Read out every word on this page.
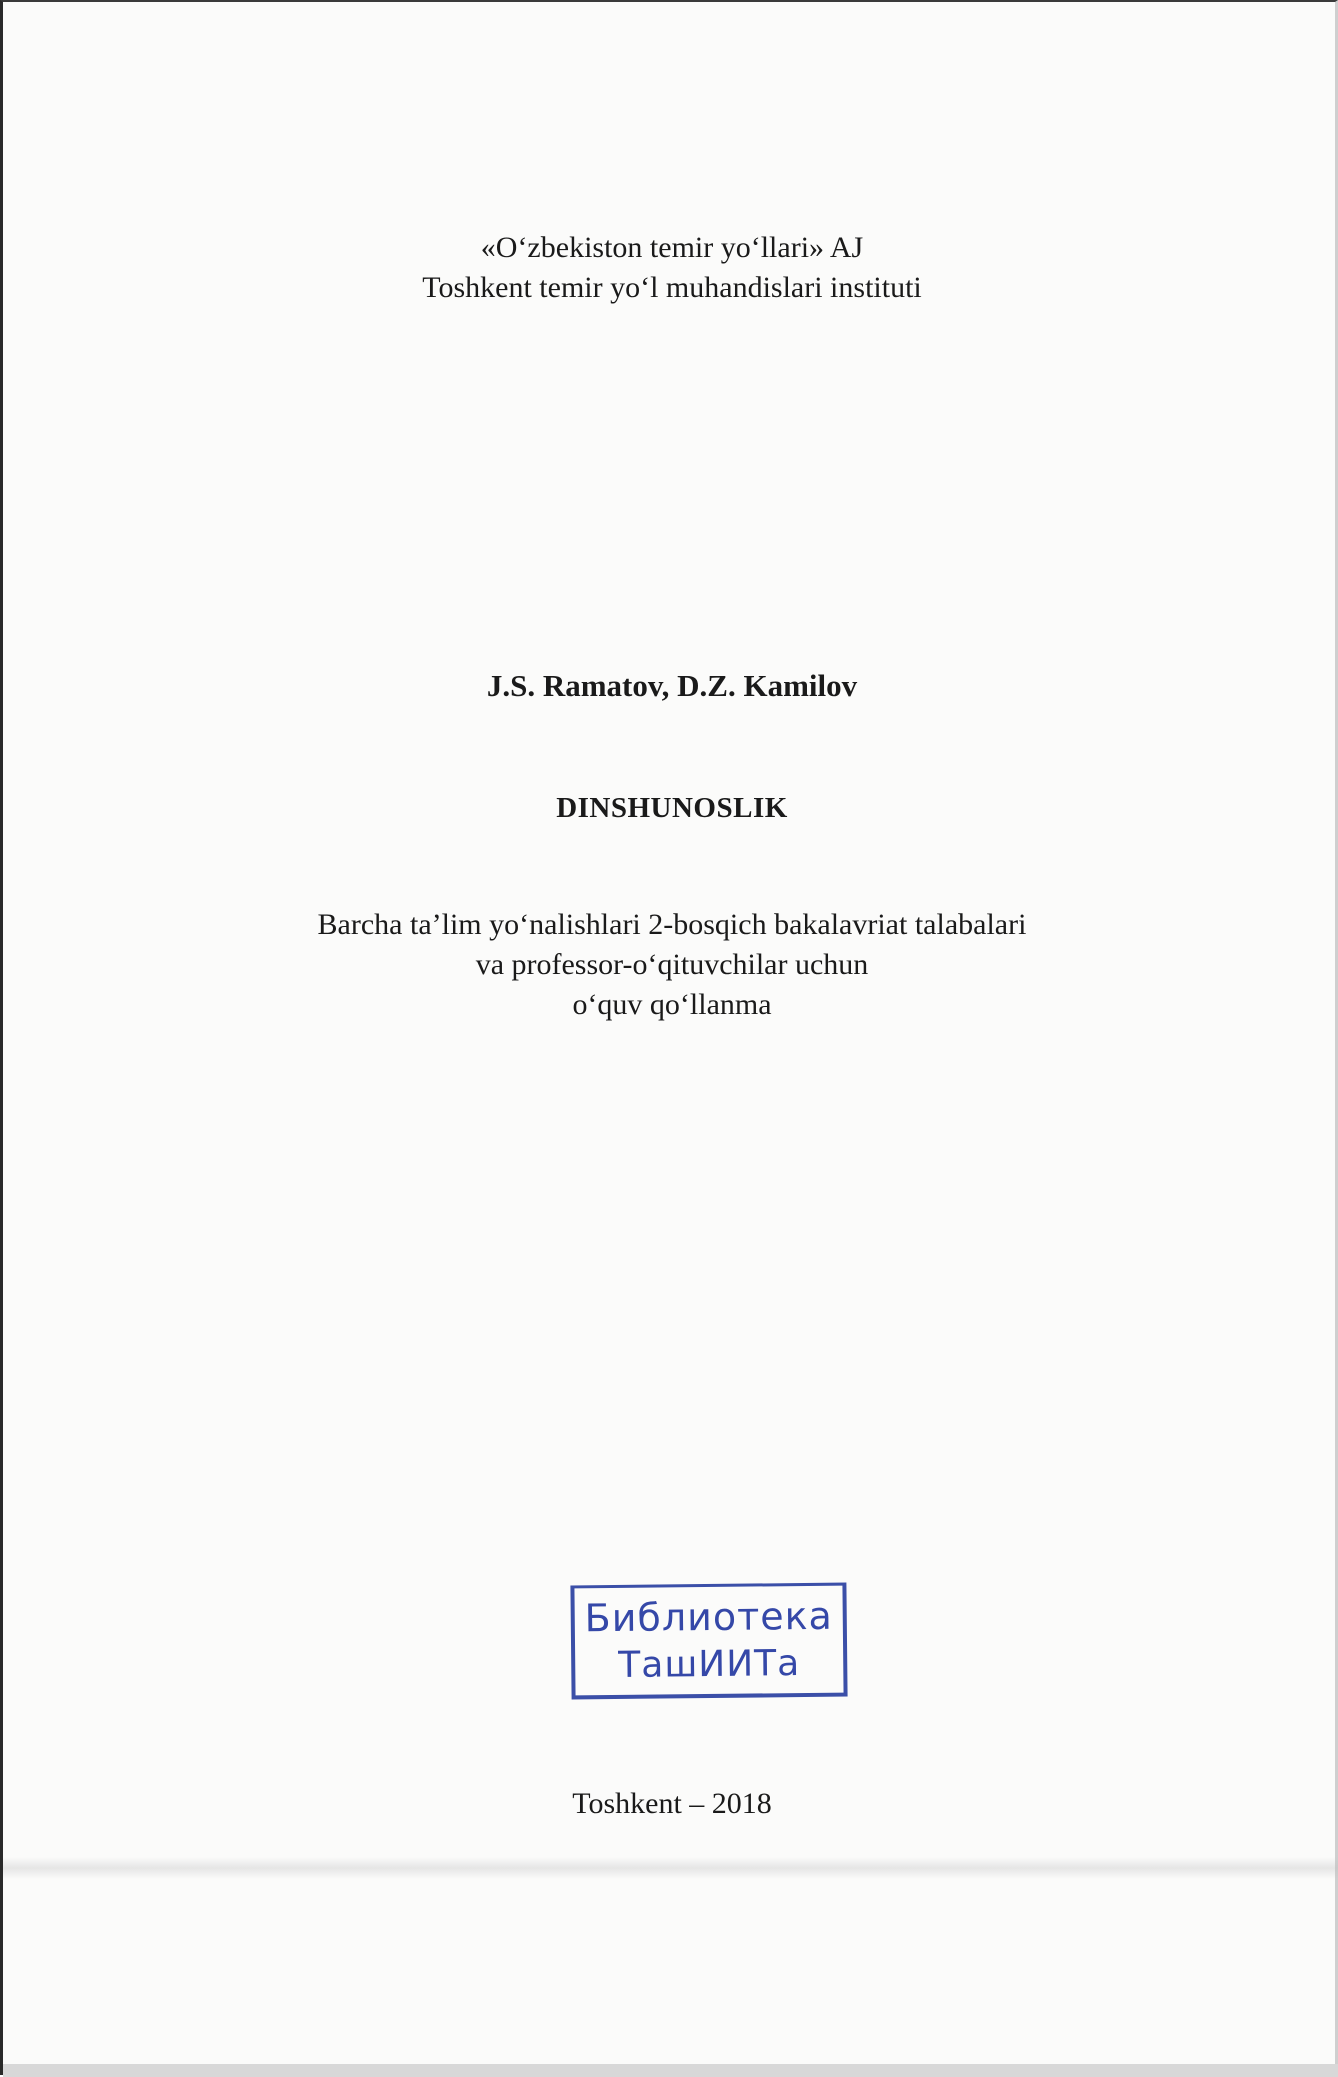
«O‘zbekiston temir yo‘llari» AJ
Toshkent temir yo‘l muhandislari instituti
J.S. Ramatov, D.Z. Kamilov
DINSHUNOSLIK
Barcha ta’lim yo‘nalishlari 2-bosqich bakalavriat talabalari
va professor-o‘qituvchilar uchun
o‘quv qo‘llanma
Библиотека
ТашИИТа
Toshkent – 2018
